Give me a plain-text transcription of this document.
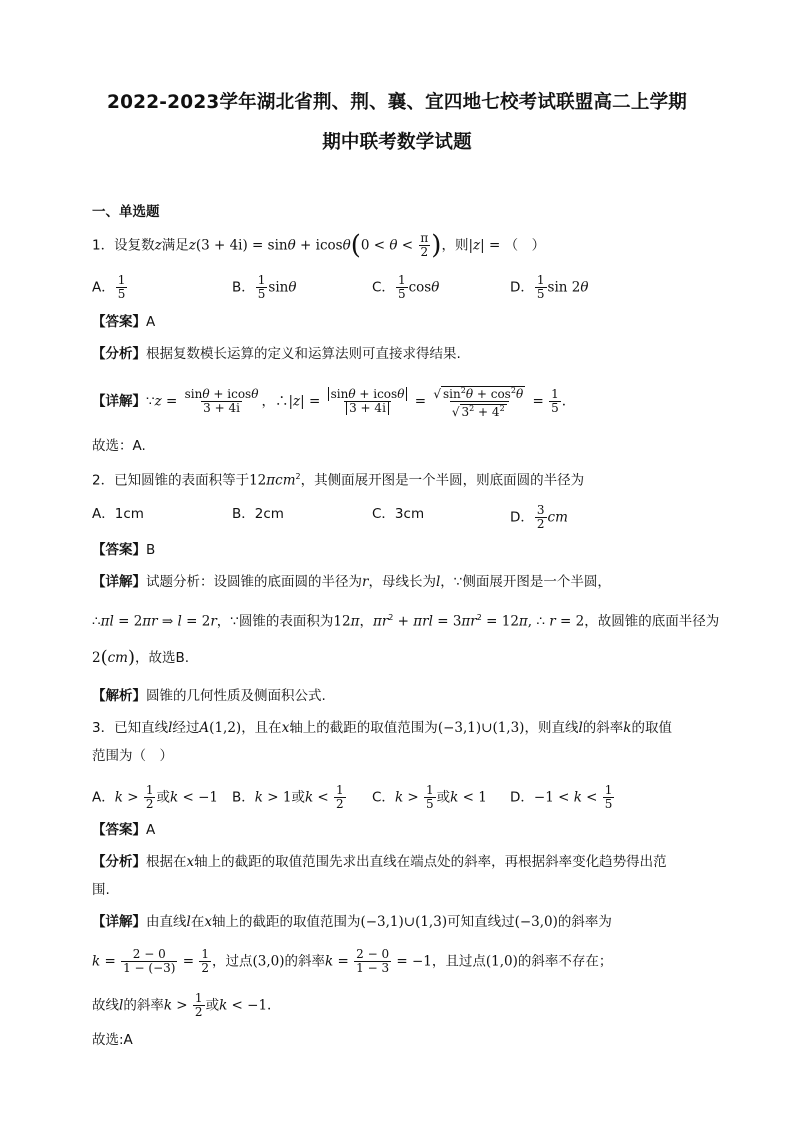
2022-2023学年湖北省荆、荆、襄、宜四地七校考试联盟高二上学期
期中联考数学试题
一、单选题
1．设复数z满足$z(3 + 4i) = \sin\theta + icos\theta(0 < \theta < \frac{\pi}{2}$ )，则|z| = （　）
A． $\frac{1}{5}$	B． $\frac{1}{5}$ sinθ	C． $\frac{1}{5}$ cosθ	D． $\frac{1}{5}$ sin 2θ
【答案】A
【分析】根据复数模长运算的定义和运算法则可直接求得结果.
【详解】∵z = $\frac{\sin\theta + icos\theta}{3 + 4i}$ ，∴|z| = $\frac{\sin\theta + icos\theta}{3 + 4i} = \frac{√ \sin^2\theta + \cos^2\theta}{√ 3^2 + 4^2} = \frac{1}{5}$ .
故选：A.
2．已知圆锥的表面积等于12πcm$^2$，其侧面展开图是一个半圆，则底面圆的半径为
A．1cm	B．2cm	C．3cm	D． $\frac{3}{2}$ cm
【答案】B
【详解】试题分析：设圆锥的底面圆的半径为r，母线长为l，∵侧面展开图是一个半圆，
∴πl = 2πr ⇒ l = 2r，∵圆锥的表面积为12π，$\pi r^2 + \pi rl = 3\pi r^2 = 12\pi$, ∴ r = 2，故圆锥的底面半径为
2(cm)，故选B.
【解析】圆锥的几何性质及侧面积公式.
3．已知直线l经过A(1,2)，且在x轴上的截距的取值范围为(−3,1)∪(1,3)，则直线l的斜率k的取值
范围为（　）
A．$k > \frac{1}{2}$ 或k < −1 B．k > 1或$k < \frac{1}{2}$ C．$k > \frac{1}{5}$ 或k < 1 D．$-1 < k < \frac{1}{5}$
【答案】A
【分析】根据在x轴上的截距的取值范围先求出直线在端点处的斜率，再根据斜率变化趋势得出范
围.
【详解】由直线l在x轴上的截距的取值范围为(−3,1)∪(1,3)可知直线过(−3,0)的斜率为
$k = \frac{2 - 0}{1 - (-3)} = \frac{1}{2}$ ，过点(3,0)的斜率$k = \frac{2 - 0}{1 - 3} = -1$，且过点(1,0)的斜率不存在；
故线l的斜率$k > \frac{1}{2}$ 或k < −1.
故选:A
